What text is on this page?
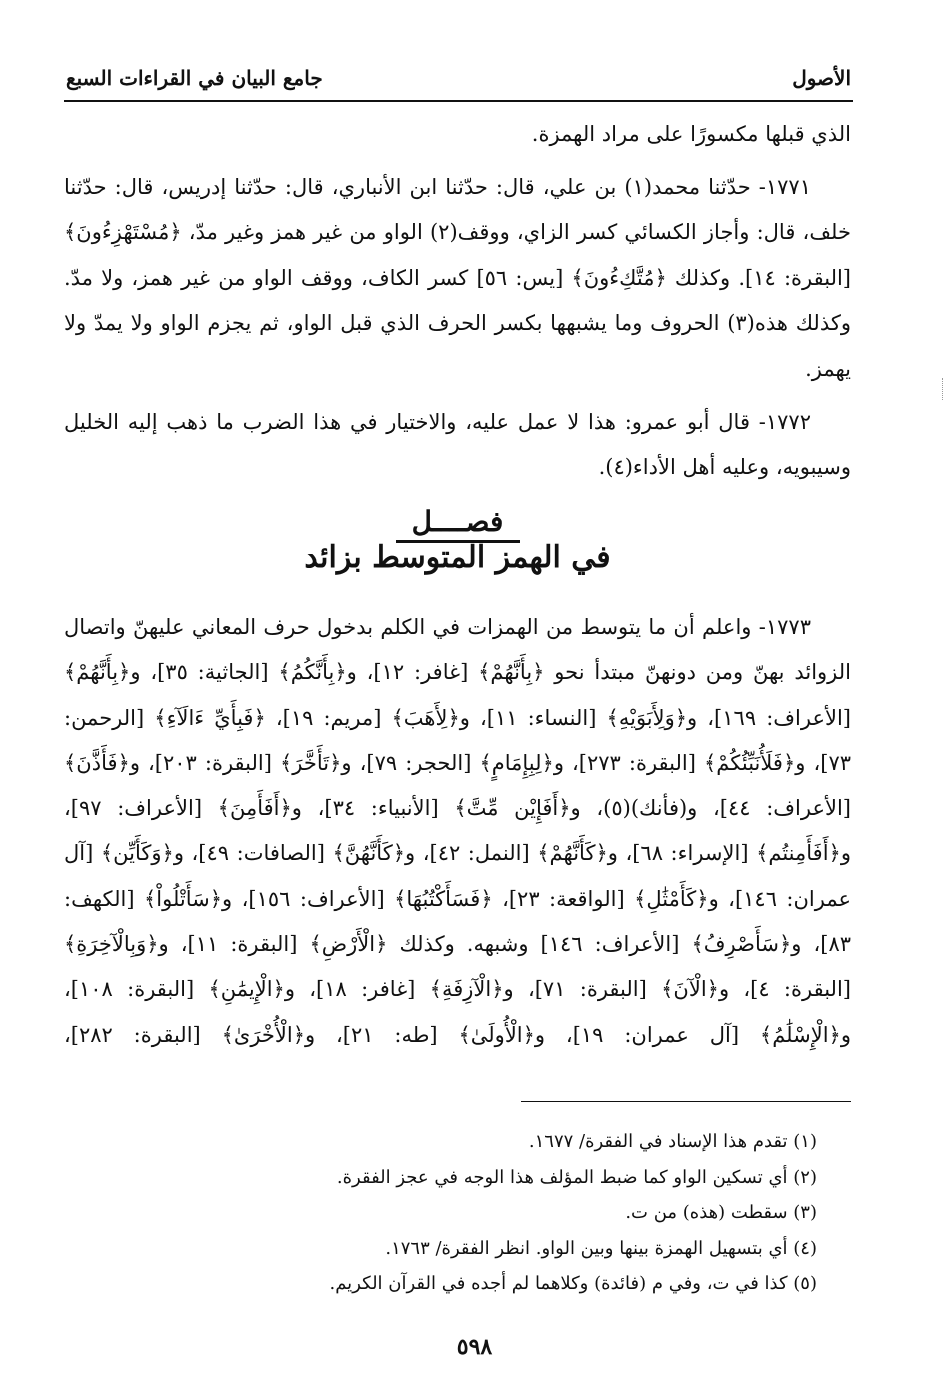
الأصول
جامع البيان في القراءات السبع

الذي قبلها مكسورًا على مراد الهمزة.

١٧٧١- حدّثنا محمد(١) بن علي، قال: حدّثنا ابن الأنباري، قال: حدّثنا إدريس، قال: حدّثنا خلف، قال: وأجاز الكسائي كسر الزاي، ووقف(٢) الواو من غير همز وغير مدّ، ﴿مُسْتَهْزِءُونَ﴾ [البقرة: ١٤]. وكذلك ﴿مُتَّكِءُونَ﴾ [يس: ٥٦] كسر الكاف، ووقف الواو من غير همز، ولا مدّ. وكذلك هذه(٣) الحروف وما يشبهها بكسر الحرف الذي قبل الواو، ثم يجزم الواو ولا يمدّ ولا يهمز.

١٧٧٢- قال أبو عمرو: هذا لا عمل عليه، والاختيار في هذا الضرب ما ذهب إليه الخليل وسيبويه، وعليه أهل الأداء(٤).

فصــــل
في الهمز المتوسط بزائد

١٧٧٣- واعلم أن ما يتوسط من الهمزات في الكلم بدخول حرف المعاني عليهنّ واتصال الزوائد بهنّ ومن دونهنّ مبتدأ نحو ﴿بِأَنَّهُمْ﴾ [غافر: ١٢]، و﴿بِأَنَّكُمُ﴾ [الجاثية: ٣٥]، و﴿بِأَنَّهُمْ﴾ [الأعراف: ١٦٩]، و﴿وَلِأَبَوَيْهِ﴾ [النساء: ١١]، و﴿لِأَهَبَ﴾ [مريم: ١٩]، ﴿فَبِأَيِّ ءَالَآءِ﴾ [الرحمن: ٧٣]، و﴿فَلَأُنَبِّئُكُمْ﴾ [البقرة: ٢٧٣]، و﴿لِبِإِمَامٍ﴾ [الحجر: ٧٩]، و﴿تَأَخَّرَ﴾ [البقرة: ٢٠٣]، و﴿فَأَذَّنَ﴾ [الأعراف: ٤٤]، و(فأنك)(٥)، و﴿أَفَإِيْن مِّتَّ﴾ [الأنبياء: ٣٤]، و﴿أَفَأَمِنَ﴾ [الأعراف: ٩٧]، و﴿أَفَأَمِنتُم﴾ [الإسراء: ٦٨]، و﴿كَأَنَّهُمْ﴾ [النمل: ٤٢]، و﴿كَأَنَّهُنَّ﴾ [الصافات: ٤٩]، و﴿وَكَأَيِّن﴾ [آل عمران: ١٤٦]، و﴿كَأَمْثَٰلِ﴾ [الواقعة: ٢٣]، ﴿فَسَأَكْتُبُهَا﴾ [الأعراف: ١٥٦]، و﴿سَأَتْلُواْ﴾ [الكهف: ٨٣]، و﴿سَأَصْرِفُ﴾ [الأعراف: ١٤٦] وشبهه. وكذلك ﴿الْأَرْضِ﴾ [البقرة: ١١]، و﴿وَبِالْآخِرَةِ﴾ [البقرة: ٤]، و﴿الْآنَ﴾ [البقرة: ٧١]، و﴿الْآزِفَةِ﴾ [غافر: ١٨]، و﴿الْإِيمَٰنِ﴾ [البقرة: ١٠٨]، و﴿الْإِسْلَٰمُ﴾ [آل عمران: ١٩]، و﴿الْأُولَىٰ﴾ [طه: ٢١]، و﴿الْأُخْرَىٰ﴾ [البقرة: ٢٨٢]،

(١) تقدم هذا الإسناد في الفقرة/ ١٦٧٧.
(٢) أي تسكين الواو كما ضبط المؤلف هذا الوجه في عجز الفقرة.
(٣) سقطت (هذه) من ت.
(٤) أي بتسهيل الهمزة بينها وبين الواو. انظر الفقرة/ ١٧٦٣.
(٥) كذا في ت، وفي م (فائدة) وكلاهما لم أجده في القرآن الكريم.
٥٩٨
